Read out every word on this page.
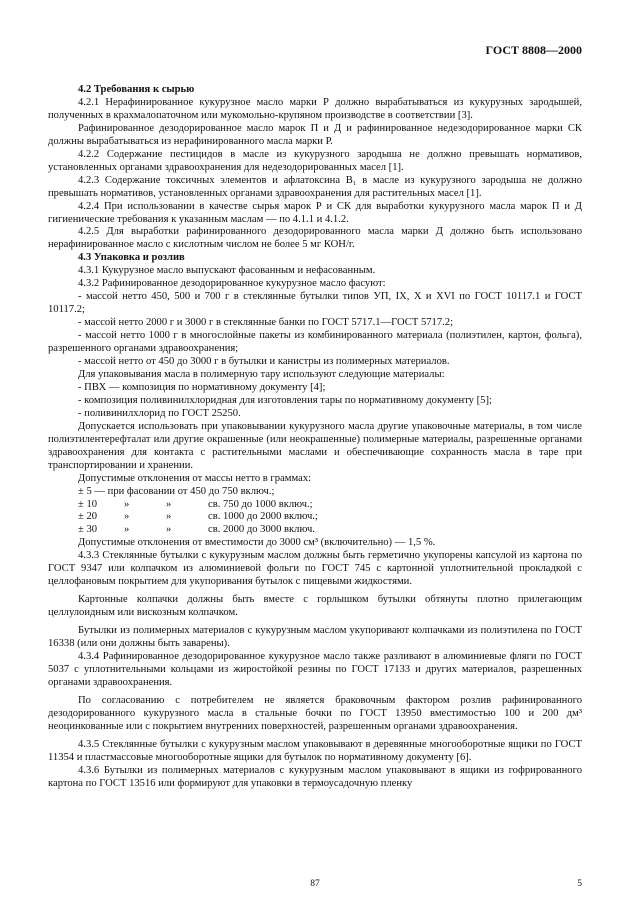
ГОСТ 8808—2000

4.2 Требования к сырью

4.2.1 Нерафинированное кукурузное масло марки Р должно вырабатываться из кукурузных зародышей, полученных в крахмалопаточном или мукомольно-крупяном производстве в соответствии [3].

Рафинированное дезодорированное масло марок П и Д и рафинированное недезодорированное марки СК должны вырабатываться из нерафинированного масла марки Р.

4.2.2 Содержание пестицидов в масле из кукурузного зародыша не должно превышать нормативов, установленных органами здравоохранения для недезодорированных масел [1].

4.2.3 Содержание токсичных элементов и афлатоксина B₁ в масле из кукурузного зародыша не должно превышать нормативов, установленных органами здравоохранения для растительных масел [1].

4.2.4 При использовании в качестве сырья марок Р и СК для выработки кукурузного масла марок П и Д гигиенические требования к указанным маслам — по 4.1.1 и 4.1.2.

4.2.5 Для выработки рафинированного дезодорированного масла марки Д должно быть использовано нерафинированное масло с кислотным числом не более 5 мг КОН/г.

4.3 Упаковка и розлив

4.3.1 Кукурузное масло выпускают фасованным и нефасованным.

4.3.2 Рафинированное дезодорированное кукурузное масло фасуют:

- массой нетто 450, 500 и 700 г в стеклянные бутылки типов УП, IX, X и XVI по ГОСТ 10117.1 и ГОСТ 10117.2;

- массой нетто 2000 г и 3000 г в стеклянные банки по ГОСТ 5717.1—ГОСТ 5717.2;

- массой нетто 1000 г в многослойные пакеты из комбинированного материала (полиэтилен, картон, фольга), разрешенного органами здравоохранения;

- массой нетто от 450 до 3000 г в бутылки и канистры из полимерных материалов.

Для упаковывания масла в полимерную тару используют следующие материалы:

- ПВХ — композиция по нормативному документу [4];

- композиция поливинилхлоридная для изготовления тары по нормативному документу [5];

- поливинилхлорид по ГОСТ 25250.

Допускается использовать при упаковывании кукурузного масла другие упаковочные материалы, в том числе полиэтилентерефталат или другие окрашенные (или неокрашенные) полимерные материалы, разрешенные органами здравоохранения для контакта с растительными маслами и обеспечивающие сохранность масла в таре при транспортировании и хранении.

Допустимые отклонения от массы нетто в граммах:

± 5 — при фасовании от 450 до 750 включ.;

± 10	»	»	св. 750 до 1000 включ.;

± 20	»	»	св. 1000 до 2000 включ.;

± 30	»	»	св. 2000 до 3000 включ.

Допустимые отклонения от вместимости до 3000 см³ (включительно) — 1,5 %.

4.3.3 Стеклянные бутылки с кукурузным маслом должны быть герметично укупорены капсулой из картона по ГОСТ 9347 или колпачком из алюминиевой фольги по ГОСТ 745 с картонной уплотнительной прокладкой с целлофановым покрытием для укупоривания бутылок с пищевыми жидкостями.

Картонные колпачки должны быть вместе с горлышком бутылки обтянуты плотно прилегающим целлулоидным или вискозным колпачком.

Бутылки из полимерных материалов с кукурузным маслом укупоривают колпачками из полиэтилена по ГОСТ 16338 (или они должны быть заварены).

4.3.4 Рафинированное дезодорированное кукурузное масло также разливают в алюминиевые фляги по ГОСТ 5037 с уплотнительными кольцами из жиростойкой резины по ГОСТ 17133 и других материалов, разрешенных органами здравоохранения.

По согласованию с потребителем не является браковочным фактором розлив рафинированного дезодорированного кукурузного масла в стальные бочки по ГОСТ 13950 вместимостью 100 и 200 дм³ неоцинкованные или с покрытием внутренних поверхностей, разрешенным органами здравоохранения.

4.3.5 Стеклянные бутылки с кукурузным маслом упаковывают в деревянные многооборотные ящики по ГОСТ 11354 и пластмассовые многооборотные ящики для бутылок по нормативному документу [6].

4.3.6 Бутылки из полимерных материалов с кукурузным маслом упаковывают в ящики из гофрированного картона по ГОСТ 13516 или формируют для упаковки в термоусадочную пленку

87	5
